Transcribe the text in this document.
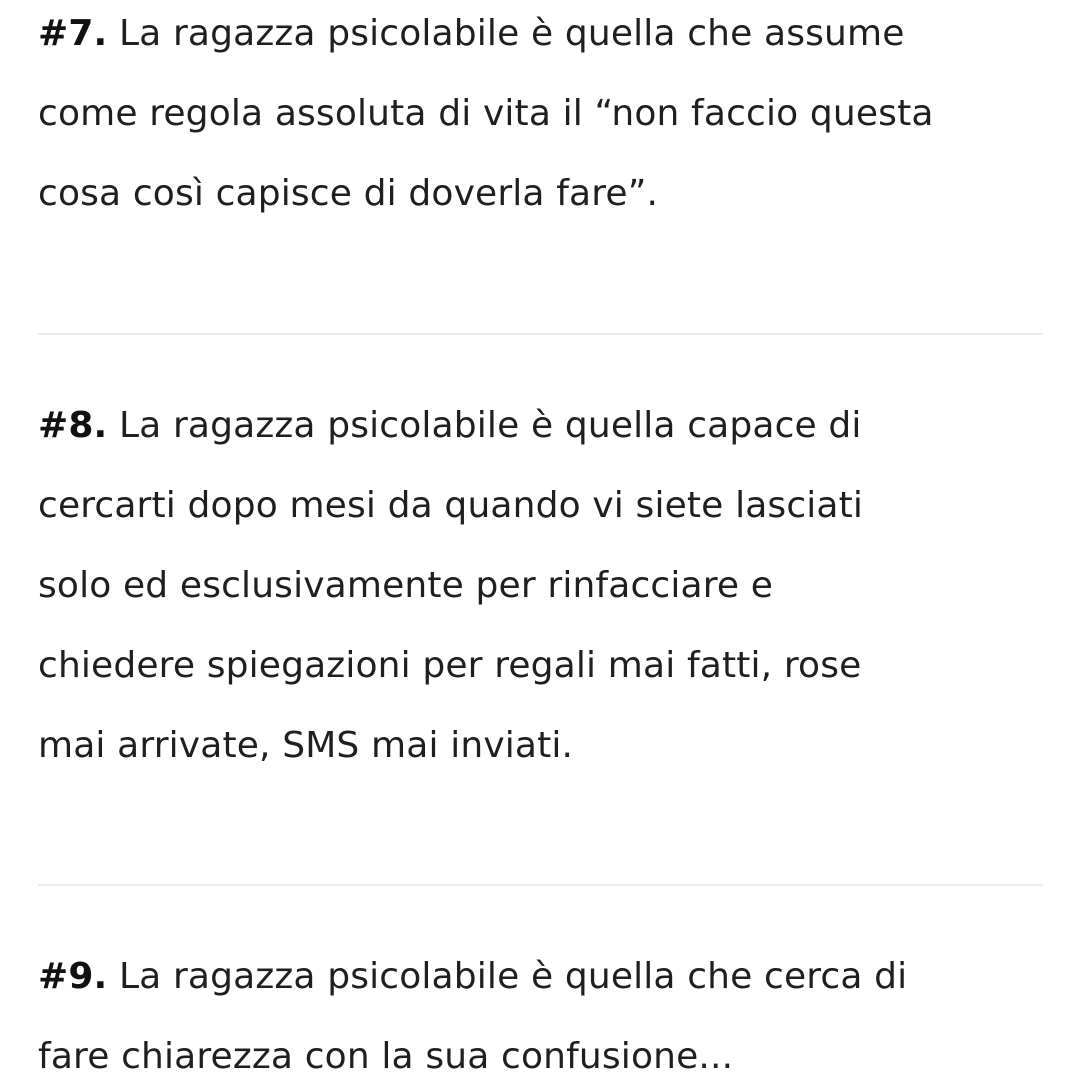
#7. La ragazza psicolabile è quella che assume
come regola assoluta di vita il “non faccio questa
cosa così capisce di doverla fare”.
#8. La ragazza psicolabile è quella capace di
cercarti dopo mesi da quando vi siete lasciati
solo ed esclusivamente per rinfacciare e
chiedere spiegazioni per regali mai fatti, rose
mai arrivate, SMS mai inviati.
#9. La ragazza psicolabile è quella che cerca di
fare chiarezza con la sua confusione...
